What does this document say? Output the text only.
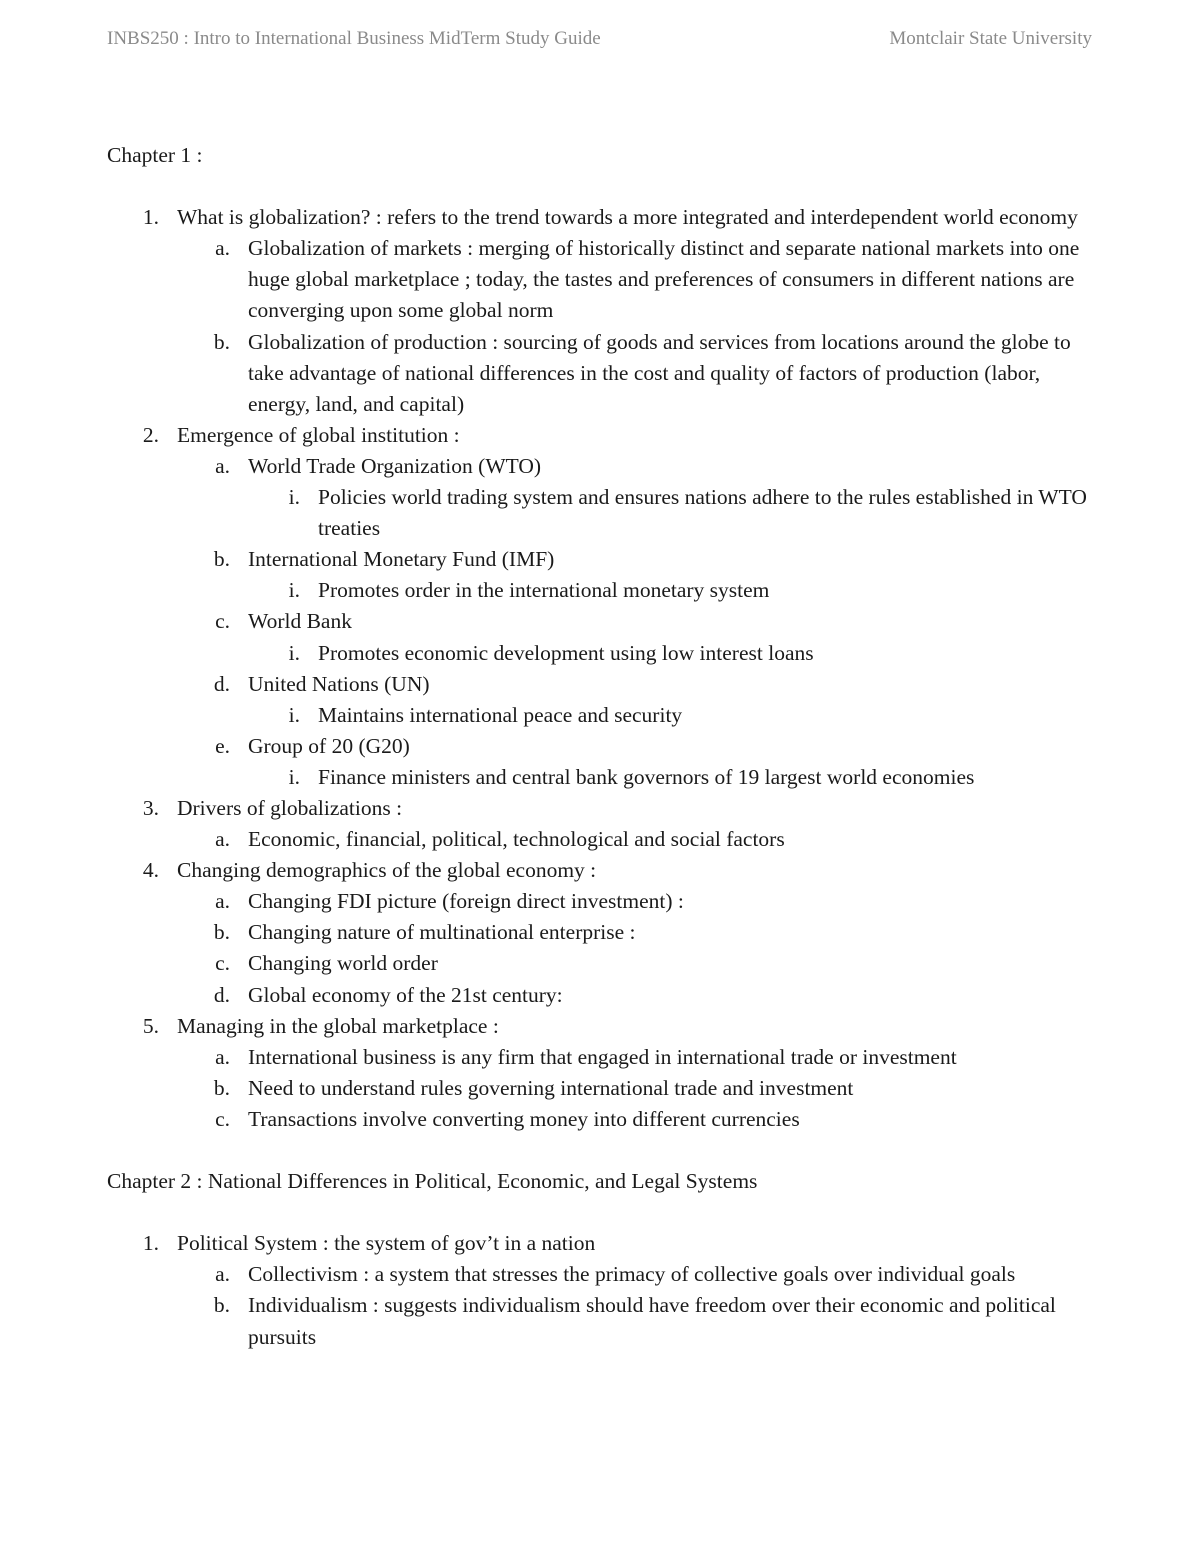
INBS250 : Intro to International Business MidTerm Study Guide	Montclair State University

Chapter 1 :

1. What is globalization? : refers to the trend towards a more integrated and interdependent world economy
a. Globalization of markets : merging of historically distinct and separate national markets into one huge global marketplace ; today, the tastes and preferences of consumers in different nations are converging upon some global norm
b. Globalization of production : sourcing of goods and services from locations around the globe to take advantage of national differences in the cost and quality of factors of production (labor, energy, land, and capital)
2. Emergence of global institution :
a. World Trade Organization (WTO)
i. Policies world trading system and ensures nations adhere to the rules established in WTO treaties
b. International Monetary Fund (IMF)
i. Promotes order in the international monetary system
c. World Bank
i. Promotes economic development using low interest loans
d. United Nations (UN)
i. Maintains international peace and security
e. Group of 20 (G20)
i. Finance ministers and central bank governors of 19 largest world economies
3. Drivers of globalizations :
a. Economic, financial, political, technological and social factors
4. Changing demographics of the global economy :
a. Changing FDI picture (foreign direct investment) :
b. Changing nature of multinational enterprise :
c. Changing world order
d. Global economy of the 21st century:
5. Managing in the global marketplace :
a. International business is any firm that engaged in international trade or investment
b. Need to understand rules governing international trade and investment
c. Transactions involve converting money into different currencies

Chapter 2 : National Differences in Political, Economic, and Legal Systems

1. Political System : the system of gov’t in a nation
a. Collectivism : a system that stresses the primacy of collective goals over individual goals
b. Individualism : suggests individualism should have freedom over their economic and political pursuits
